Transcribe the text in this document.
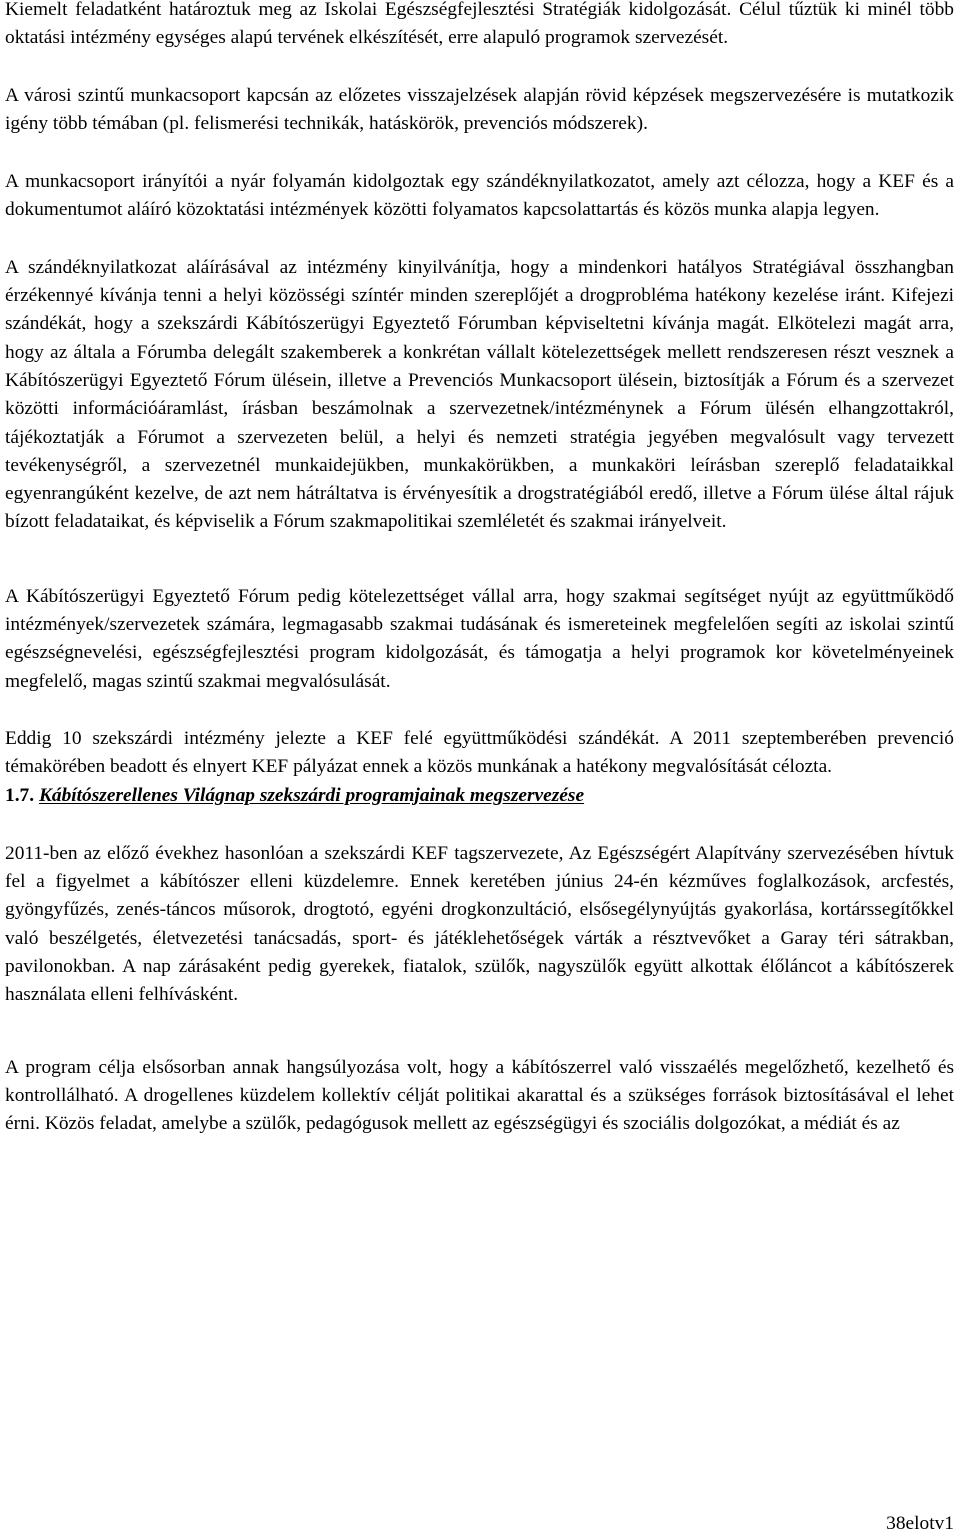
Kiemelt feladatként határoztuk meg az Iskolai Egészségfejlesztési Stratégiák kidolgozását. Célul tűztük ki minél több oktatási intézmény egységes alapú tervének elkészítését, erre alapuló programok szervezését.

A városi szintű munkacsoport kapcsán az előzetes visszajelzések alapján rövid képzések megszervezésére is mutatkozik igény több témában (pl. felismerési technikák, hatáskörök, prevenciós módszerek).

A munkacsoport irányítói a nyár folyamán kidolgoztak egy szándéknyilatkozatot, amely azt célozza, hogy a KEF és a dokumentumot aláíró közoktatási intézmények közötti folyamatos kapcsolattartás és közös munka alapja legyen.

A szándéknyilatkozat aláírásával az intézmény kinyilvánítja, hogy a mindenkori hatályos Stratégiával összhangban érzékennyé kívánja tenni a helyi közösségi színtér minden szereplőjét a drogprobléma hatékony kezelése iránt. Kifejezi szándékát, hogy a szekszárdi Kábítószerügyi Egyeztető Fórumban képviseltetni kívánja magát. Elkötelezi magát arra, hogy az általa a Fórumba delegált szakemberek a konkrétan vállalt kötelezettségek mellett rendszeresen részt vesznek a Kábítószerügyi Egyeztető Fórum ülésein, illetve a Prevenciós Munkacsoport ülésein, biztosítják a Fórum és a szervezet közötti információáramlást, írásban beszámolnak a szervezetnek/intézménynek a Fórum ülésén elhangzottakról, tájékoztatják a Fórumot a szervezeten belül, a helyi és nemzeti stratégia jegyében megvalósult vagy tervezett tevékenységről, a szervezetnél munkaidejükben, munkakörükben, a munkaköri leírásban szereplő feladataikkal egyenrangúként kezelve, de azt nem hátráltatva is érvényesítik a drogstratégiából eredő, illetve a Fórum ülése által rájuk bízott feladataikat, és képviselik a Fórum szakmapolitikai szemléletét és szakmai irányelveit.

A Kábítószerügyi Egyeztető Fórum pedig kötelezettséget vállal arra, hogy szakmai segítséget nyújt az együttműködő intézmények/szervezetek számára, legmagasabb szakmai tudásának és ismereteinek megfelelően segíti az iskolai szintű egészségnevelési, egészségfejlesztési program kidolgozását, és támogatja a helyi programok kor követelményeinek megfelelő, magas szintű szakmai megvalósulását.

Eddig 10 szekszárdi intézmény jelezte a KEF felé együttműködési szándékát. A 2011 szeptemberében prevenció témakörében beadott és elnyert KEF pályázat ennek a közös munkának a hatékony megvalósítását célozta.

1.7. Kábítószerellenes Világnap szekszárdi programjainak megszervezése

2011-ben az előző évekhez hasonlóan a szekszárdi KEF tagszervezete, Az Egészségért Alapítvány szervezésében hívtuk fel a figyelmet a kábítószer elleni küzdelemre. Ennek keretében június 24-én kézműves foglalkozások, arcfestés, gyöngyfűzés, zenés-táncos műsorok, drogtotó, egyéni drogkonzultáció, elsősegélynyújtás gyakorlása, kortárssegítőkkel való beszélgetés, életvezetési tanácsadás, sport- és játéklehetőségek várták a résztvevőket a Garay téri sátrakban, pavilonokban. A nap zárásaként pedig gyerekek, fiatalok, szülők, nagyszülők együtt alkottak élőláncot a kábítószerek használata elleni felhívásként.

A program célja elsősorban annak hangsúlyozása volt, hogy a kábítószerrel való visszaélés megelőzhető, kezelhető és kontrollálható. A drogellenes küzdelem kollektív célját politikai akarattal és a szükséges források biztosításával el lehet érni. Közös feladat, amelybe a szülők, pedagógusok mellett az egészségügyi és szociális dolgozókat, a médiát és az

38elotv1
